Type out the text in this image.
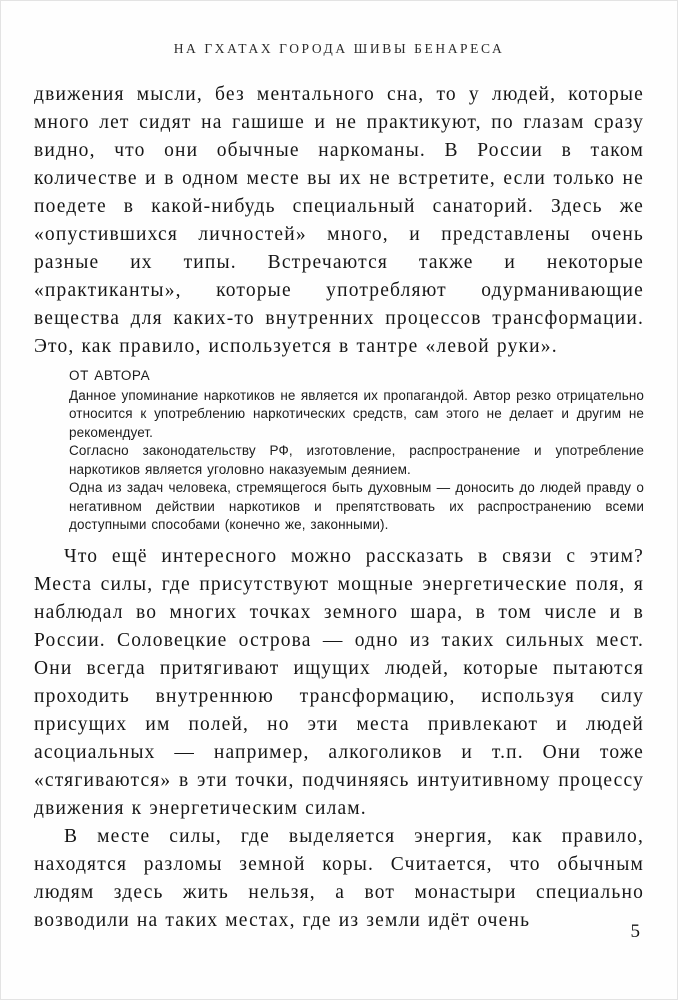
НА ГХАТАХ ГОРОДА ШИВЫ БЕНАРЕСА

движения мысли, без ментального сна, то у людей, которые много лет сидят на гашише и не практикуют, по глазам сразу видно, что они обычные наркоманы. В России в таком количестве и в одном месте вы их не встретите, если только не поедете в какой-нибудь специальный санаторий. Здесь же «опустившихся личностей» много, и представлены очень разные их типы. Встречаются также и некоторые «практиканты», которые употребляют одурманивающие вещества для каких-то внутренних процессов трансформации. Это, как правило, используется в тантре «левой руки».

ОТ АВТОРА

Данное упоминание наркотиков не является их пропагандой. Автор резко отрицательно относится к употреблению наркотических средств, сам этого не делает и другим не рекомендует.

Согласно законодательству РФ, изготовление, распространение и употребление наркотиков является уголовно наказуемым деянием.

Одна из задач человека, стремящегося быть духовным — доносить до людей правду о негативном действии наркотиков и препятствовать их распространению всеми доступными способами (конечно же, законными).

Что ещё интересного можно рассказать в связи с этим? Места силы, где присутствуют мощные энергетические поля, я наблюдал во многих точках земного шара, в том числе и в России. Соловецкие острова — одно из таких сильных мест. Они всегда притягивают ищущих людей, которые пытаются проходить внутреннюю трансформацию, используя силу присущих им полей, но эти места привлекают и людей асоциальных — например, алкоголиков и т.п. Они тоже «стягиваются» в эти точки, подчиняясь интуитивному процессу движения к энергетическим силам.

В месте силы, где выделяется энергия, как правило, находятся разломы земной коры. Считается, что обычным людям здесь жить нельзя, а вот монастыри специально возводили на таких местах, где из земли идёт очень

5
